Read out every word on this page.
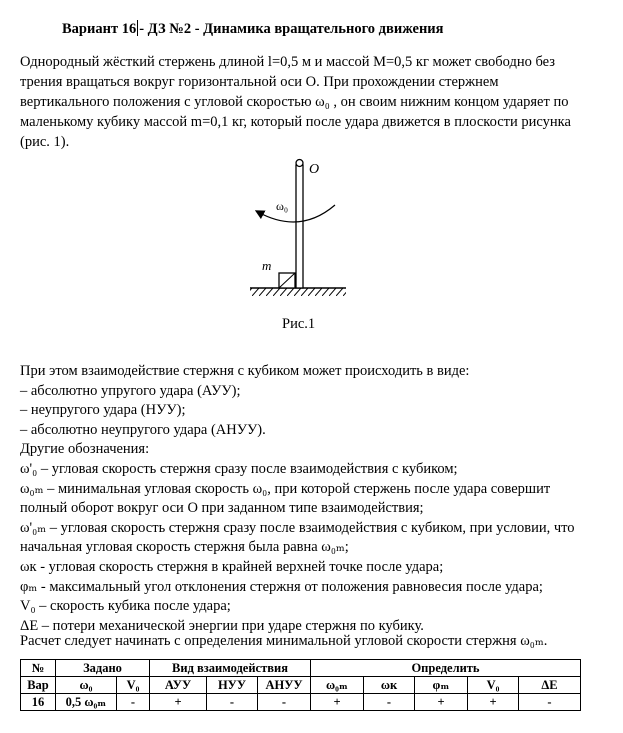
Вариант 16 - ДЗ №2 - Динамика вращательного движения
Однородный жёсткий стержень длиной l=0,5 м и массой M=0,5 кг может свободно без
трения вращаться вокруг горизонтальной оси O. При прохождении стержнем
вертикального положения с угловой скоростью ω₀ , он своим нижним концом ударяет по
маленькому кубику массой m=0,1 кг, который после удара движется в плоскости рисунка
(рис. 1).
O
ω₀
m
Рис.1
При этом взаимодействие стержня с кубиком может происходить в виде:
– абсолютно упругого удара (АУУ);
– неупругого удара (НУУ);
– абсолютно неупругого удара (АНУУ).
Другие обозначения:
ω'₀ – угловая скорость стержня сразу после взаимодействия с кубиком;
ω₀ₘ – минимальная угловая скорость ω₀, при которой стержень после удара совершит
полный оборот вокруг оси O при заданном типе взаимодействия;
ω'₀ₘ – угловая скорость стержня сразу после взаимодействия с кубиком, при условии, что
начальная угловая скорость стержня была равна ω₀ₘ;
ωк - угловая скорость стержня в крайней верхней точке после удара;
φₘ - максимальный угол отклонения стержня от положения равновесия после удара;
V₀ – скорость кубика после удара;
ΔE – потери механической энергии при ударе стержня по кубику.
Расчет следует начинать с определения минимальной угловой скорости стержня ω₀ₘ.
№	Задано		Вид взаимодействия			Определить				
Вар	ω₀	V₀	АУУ	НУУ	АНУУ	ω₀ₘ	ωк	φₘ	V₀	ΔE
16	0,5 ω₀ₘ	-	+	-	-	+	-	+	+	-
